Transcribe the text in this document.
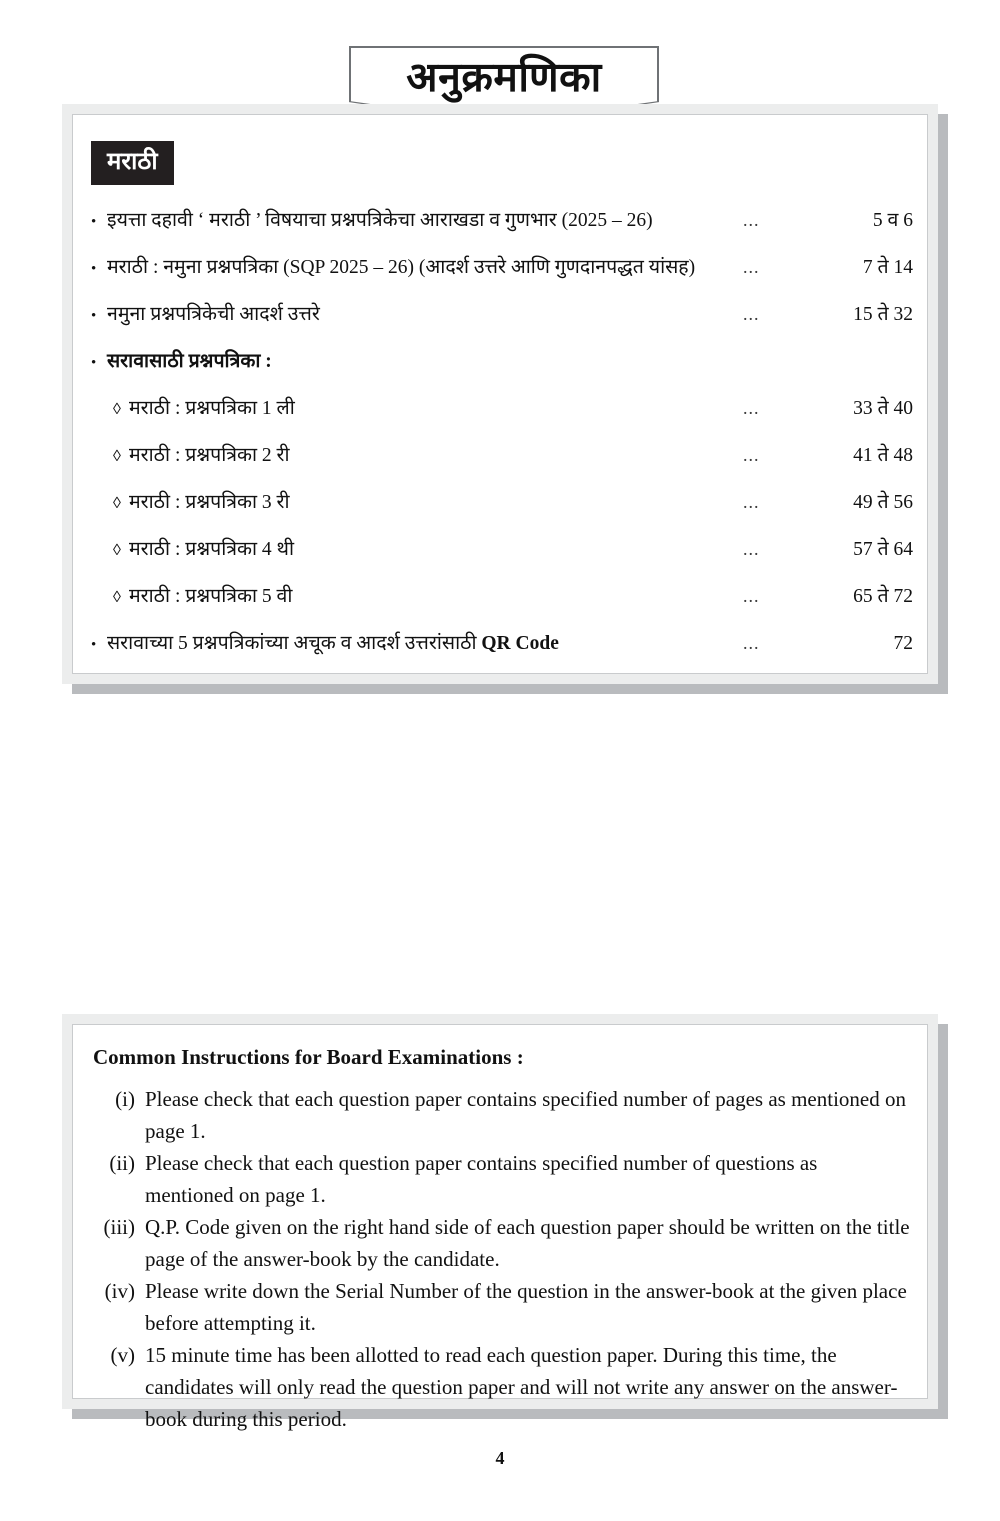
अनुक्रमणिका
मराठी
•
इयत्ता दहावी ‘ मराठी ’ विषयाचा प्रश्नपत्रिकेचा आराखडा व गुणभार (2025 – 26)	...	5 व 6
•
मराठी : नमुना प्रश्नपत्रिका (SQP 2025 – 26) (आदर्श उत्तरे आणि गुणदानपद्धत यांसह)	...	7 ते 14
•
नमुना प्रश्नपत्रिकेची आदर्श उत्तरे	...	15 ते 32
•
सरावासाठी प्रश्नपत्रिका :
◊
मराठी : प्रश्नपत्रिका 1 ली	...	33 ते 40
◊
मराठी : प्रश्नपत्रिका 2 री	...	41 ते 48
◊
मराठी : प्रश्नपत्रिका 3 री	...	49 ते 56
◊
मराठी : प्रश्नपत्रिका 4 थी	...	57 ते 64
◊
मराठी : प्रश्नपत्रिका 5 वी	...	65 ते 72
•
सरावाच्या 5 प्रश्नपत्रिकांच्या अचूक व आदर्श उत्तरांसाठी QR Code	...	72
Common Instructions for Board Examinations :
(i) Please check that each question paper contains specified number of pages as mentioned on page 1.
(ii) Please check that each question paper contains specified number of questions as mentioned on page 1.
(iii) Q.P. Code given on the right hand side of each question paper should be written on the title page of the answer-book by the candidate.
(iv) Please write down the Serial Number of the question in the answer-book at the given place before attempting it.
(v) 15 minute time has been allotted to read each question paper. During this time, the candidates will only read the question paper and will not write any answer on the answer-book during this period.
4
